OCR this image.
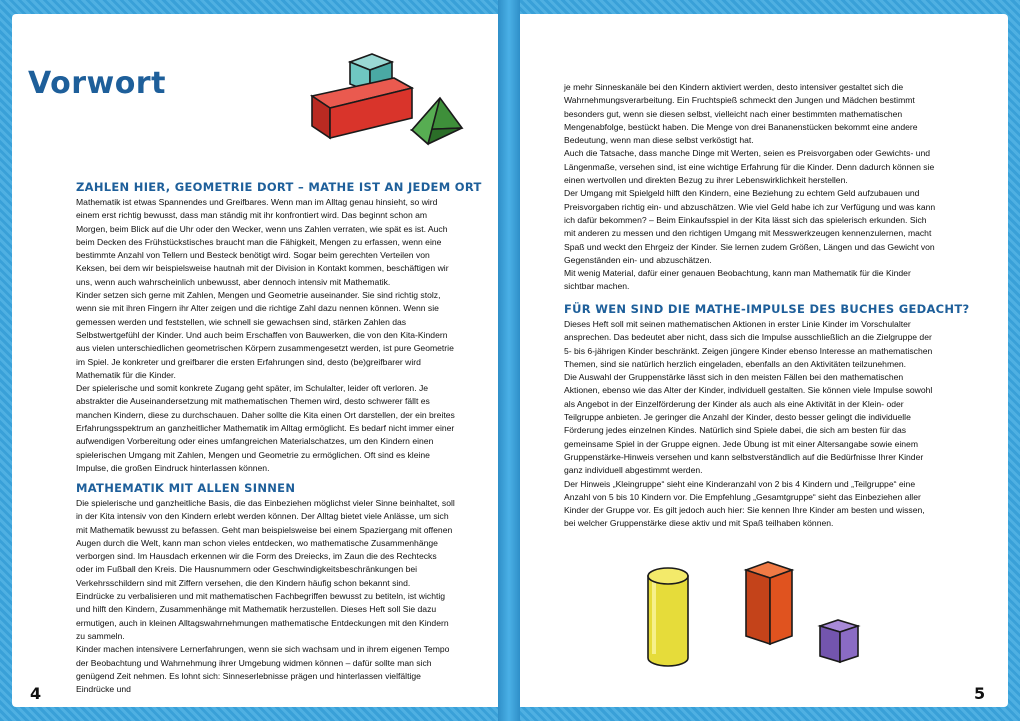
Vorwort
ZAHLEN HIER, GEOMETRIE DORT – MATHE IST AN JEDEM ORT

Mathematik ist etwas Spannendes und Greifbares. Wenn man im Alltag genau hinsieht, so wird einem erst richtig bewusst, dass man ständig mit ihr konfrontiert wird. Das beginnt schon am Morgen, beim Blick auf die Uhr oder den Wecker, wenn uns Zahlen verraten, wie spät es ist. Auch beim Decken des Frühstückstisches braucht man die Fähigkeit, Mengen zu erfassen, wenn eine bestimmte Anzahl von Tellern und Besteck benötigt wird. Sogar beim gerechten Verteilen von Keksen, bei dem wir beispielsweise hautnah mit der Division in Kontakt kommen, beschäftigen wir uns, wenn auch wahrscheinlich unbewusst, aber dennoch intensiv mit Mathematik.

Kinder setzen sich gerne mit Zahlen, Mengen und Geometrie auseinander. Sie sind richtig stolz, wenn sie mit ihren Fingern ihr Alter zeigen und die richtige Zahl dazu nennen können. Wenn sie gemessen werden und feststellen, wie schnell sie gewachsen sind, stärken Zahlen das Selbstwertgefühl der Kinder. Und auch beim Erschaffen von Bauwerken, die von den Kita-Kindern aus vielen unterschiedlichen geometrischen Körpern zusammengesetzt werden, ist pure Geometrie im Spiel. Je konkreter und greifbarer die ersten Erfahrungen sind, desto (be)greifbarer wird Mathematik für die Kinder.

Der spielerische und somit konkrete Zugang geht später, im Schulalter, leider oft verloren. Je abstrakter die Auseinandersetzung mit mathematischen Themen wird, desto schwerer fällt es manchen Kindern, diese zu durchschauen. Daher sollte die Kita einen Ort darstellen, der ein breites Erfahrungsspektrum an ganzheitlicher Mathematik im Alltag ermöglicht. Es bedarf nicht immer einer aufwendigen Vorbereitung oder eines umfangreichen Materialschatzes, um den Kindern einen spielerischen Umgang mit Zahlen, Mengen und Geometrie zu ermöglichen. Oft sind es kleine Impulse, die großen Eindruck hinterlassen können.

MATHEMATIK MIT ALLEN SINNEN

Die spielerische und ganzheitliche Basis, die das Einbeziehen möglichst vieler Sinne beinhaltet, soll in der Kita intensiv von den Kindern erlebt werden können. Der Alltag bietet viele Anlässe, um sich mit Mathematik bewusst zu befassen. Geht man beispielsweise bei einem Spaziergang mit offenen Augen durch die Welt, kann man schon vieles entdecken, wo mathematische Zusammenhänge verborgen sind. Im Hausdach erkennen wir die Form des Dreiecks, im Zaun die des Rechtecks oder im Fußball den Kreis. Die Hausnummern oder Geschwindigkeitsbeschränkungen bei Verkehrsschildern sind mit Ziffern versehen, die den Kindern häufig schon bekannt sind.

Eindrücke zu verbalisieren und mit mathematischen Fachbegriffen bewusst zu betiteln, ist wichtig und hilft den Kindern, Zusammenhänge mit Mathematik herzustellen. Dieses Heft soll Sie dazu ermutigen, auch in kleinen Alltagswahrnehmungen mathematische Entdeckungen mit den Kindern zu sammeln.

Kinder machen intensivere Lernerfahrungen, wenn sie sich wachsam und in ihrem eigenen Tempo der Beobachtung und Wahrnehmung ihrer Umgebung widmen können – dafür sollte man sich genügend Zeit nehmen. Es lohnt sich: Sinneserlebnisse prägen und hinterlassen vielfältige Eindrücke und

4
VORWORT

je mehr Sinneskanäle bei den Kindern aktiviert werden, desto intensiver gestaltet sich die Wahrnehmungsverarbeitung. Ein Fruchtspieß schmeckt den Jungen und Mädchen bestimmt besonders gut, wenn sie diesen selbst, vielleicht nach einer bestimmten mathematischen Mengenabfolge, bestückt haben. Die Menge von drei Bananenstücken bekommt eine andere Bedeutung, wenn man diese selbst verköstigt hat.

Auch die Tatsache, dass manche Dinge mit Werten, seien es Preisvorgaben oder Gewichts- und Längenmaße, versehen sind, ist eine wichtige Erfahrung für die Kinder. Denn dadurch können sie einen wertvollen und direkten Bezug zu ihrer Lebenswirklichkeit herstellen.

Der Umgang mit Spielgeld hilft den Kindern, eine Beziehung zu echtem Geld aufzubauen und Preisvorgaben richtig ein- und abzuschätzen. Wie viel Geld habe ich zur Verfügung und was kann ich dafür bekommen? – Beim Einkaufsspiel in der Kita lässt sich das spielerisch erkunden. Sich mit anderen zu messen und den richtigen Umgang mit Messwerkzeugen kennenzulernen, macht Spaß und weckt den Ehrgeiz der Kinder. Sie lernen zudem Größen, Längen und das Gewicht von Gegenständen ein- und abzuschätzen.

Mit wenig Material, dafür einer genauen Beobachtung, kann man Mathematik für die Kinder sichtbar machen.

FÜR WEN SIND DIE MATHE-IMPULSE DES BUCHES GEDACHT?

Dieses Heft soll mit seinen mathematischen Aktionen in erster Linie Kinder im Vorschulalter ansprechen. Das bedeutet aber nicht, dass sich die Impulse ausschließlich an die Zielgruppe der 5- bis 6-jährigen Kinder beschränkt. Zeigen jüngere Kinder ebenso Interesse an mathematischen Themen, sind sie natürlich herzlich eingeladen, ebenfalls an den Aktivitäten teilzunehmen.

Die Auswahl der Gruppenstärke lässt sich in den meisten Fällen bei den mathematischen Aktionen, ebenso wie das Alter der Kinder, individuell gestalten. Sie können viele Impulse sowohl als Angebot in der Einzelförderung der Kinder als auch als eine Aktivität in der Klein- oder Teilgruppe anbieten. Je geringer die Anzahl der Kinder, desto besser gelingt die individuelle Förderung jedes einzelnen Kindes. Natürlich sind Spiele dabei, die sich am besten für das gemeinsame Spiel in der Gruppe eignen. Jede Übung ist mit einer Altersangabe sowie einem Gruppenstärke-Hinweis versehen und kann selbstverständlich auf die Bedürfnisse Ihrer Kinder ganz individuell abgestimmt werden.

Der Hinweis „Kleingruppe“ sieht eine Kinderanzahl von 2 bis 4 Kindern und „Teilgruppe“ eine Anzahl von 5 bis 10 Kindern vor. Die Empfehlung „Gesamtgruppe“ sieht das Einbeziehen aller Kinder der Gruppe vor. Es gilt jedoch auch hier: Sie kennen Ihre Kinder am besten und wissen, bei welcher Gruppenstärke diese aktiv und mit Spaß teilhaben können.

5
